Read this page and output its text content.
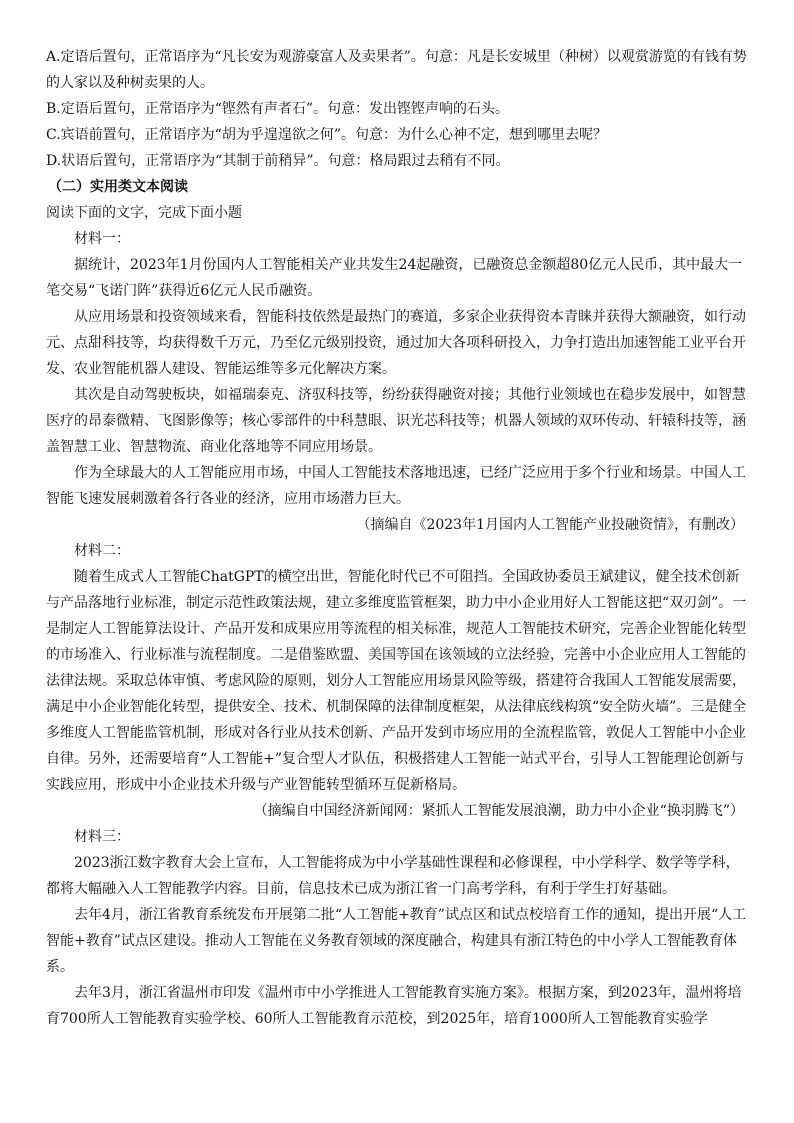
A.定语后置句，正常语序为“凡长安为观游豪富人及卖果者”。句意：凡是长安城里（种树）以观赏游览的有钱有势的人家以及种树卖果的人。

B.定语后置句，正常语序为“铿然有声者石”。句意：发出铿铿声响的石头。

C.宾语前置句，正常语序为“胡为乎遑遑欲之何”。句意：为什么心神不定，想到哪里去呢？

D.状语后置句，正常语序为“其制于前稍异”。句意：格局跟过去稍有不同。

（二）实用类文本阅读

阅读下面的文字，完成下面小题

材料一：

据统计，2023年1月份国内人工智能相关产业共发生24起融资，已融资总金额超80亿元人民币，其中最大一笔交易“飞诺门阵”获得近6亿元人民币融资。

从应用场景和投资领域来看，智能科技依然是最热门的赛道，多家企业获得资本青睐并获得大额融资，如行动元、点甜科技等，均获得数千万元，乃至亿元级别投资，通过加大各项科研投入，力争打造出加速智能工业平台开发、农业智能机器人建设、智能运维等多元化解决方案。

其次是自动驾驶板块，如福瑞泰克、济驭科技等，纷纷获得融资对接；其他行业领域也在稳步发展中，如智慧医疗的昂泰微精、飞图影像等；核心零部件的中科慧眼、识光芯科技等；机器人领域的双环传动、轩辕科技等，涵盖智慧工业、智慧物流、商业化落地等不同应用场景。

作为全球最大的人工智能应用市场，中国人工智能技术落地迅速，已经广泛应用于多个行业和场景。中国人工智能飞速发展刺激着各行各业的经济，应用市场潜力巨大。

（摘编自《2023年1月国内人工智能产业投融资情》，有删改）

材料二：

随着生成式人工智能ChatGPT的横空出世，智能化时代已不可阻挡。全国政协委员王斌建议，健全技术创新与产品落地行业标准，制定示范性政策法规，建立多维度监管框架，助力中小企业用好人工智能这把“双刃剑”。一是制定人工智能算法设计、产品开发和成果应用等流程的相关标准，规范人工智能技术研究，完善企业智能化转型的市场准入、行业标准与流程制度。二是借鉴欧盟、美国等国在该领域的立法经验，完善中小企业应用人工智能的法律法规。采取总体审慎、考虑风险的原则，划分人工智能应用场景风险等级，搭建符合我国人工智能发展需要，满足中小企业智能化转型，提供安全、技术、机制保障的法律制度框架，从法律底线构筑“安全防火墙”。三是健全多维度人工智能监管机制，形成对各行业从技术创新、产品开发到市场应用的全流程监管，敦促人工智能中小企业自律。另外，还需要培育“人工智能+”复合型人才队伍，积极搭建人工智能一站式平台，引导人工智能理论创新与实践应用，形成中小企业技术升级与产业智能转型循环互促新格局。

（摘编自中国经济新闻网：紧抓人工智能发展浪潮，助力中小企业“换羽腾飞”）

材料三：

2023浙江数字教育大会上宣布，人工智能将成为中小学基础性课程和必修课程，中小学科学、数学等学科，都将大幅融入人工智能教学内容。目前，信息技术已成为浙江省一门高考学科，有利于学生打好基础。

去年4月，浙江省教育系统发布开展第二批“人工智能+教育”试点区和试点校培育工作的通知，提出开展“人工智能+教育”试点区建设。推动人工智能在义务教育领域的深度融合，构建具有浙江特色的中小学人工智能教育体系。

去年3月，浙江省温州市印发《温州市中小学推进人工智能教育实施方案》。根据方案，到2023年，温州将培育700所人工智能教育实验学校、60所人工智能教育示范校，到2025年，培育1000所人工智能教育实验学
